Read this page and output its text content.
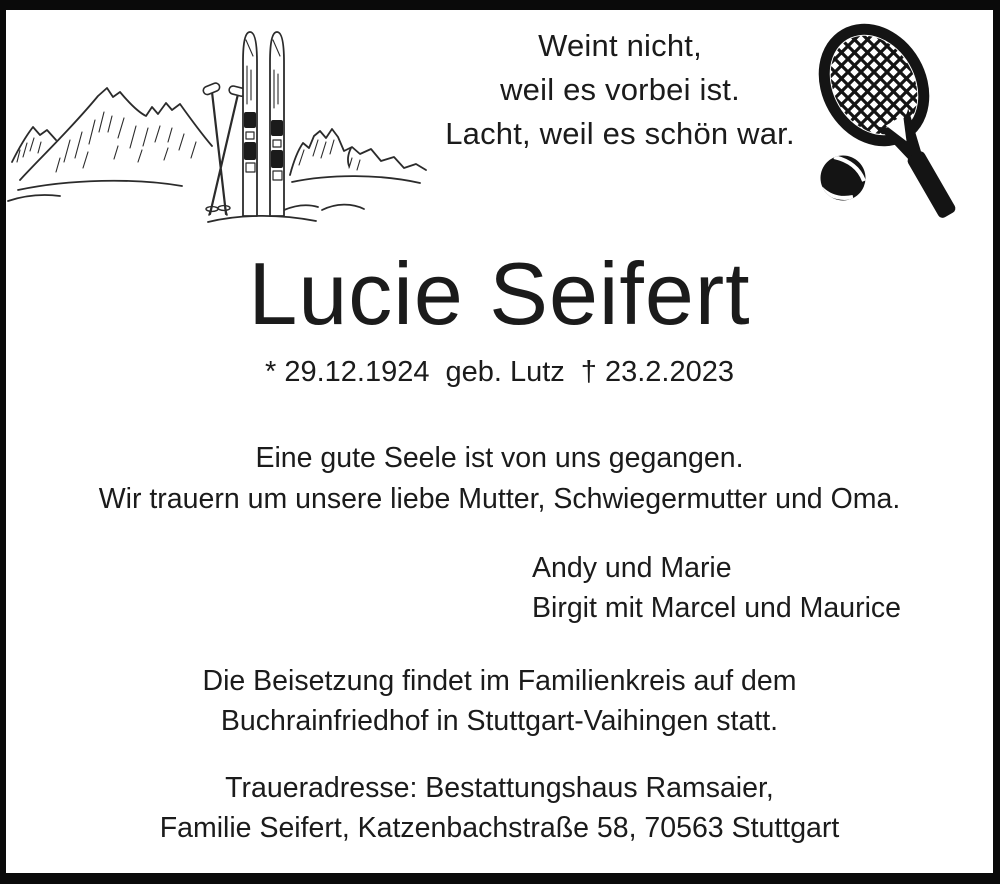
Weint nicht,
weil es vorbei ist.
Lacht, weil es schön war.
Lucie Seifert
* 29.12.1924 geb. Lutz † 23.2.2023
Eine gute Seele ist von uns gegangen.
Wir trauern um unsere liebe Mutter, Schwiegermutter und Oma.
Andy und Marie
Birgit mit Marcel und Maurice
Die Beisetzung findet im Familienkreis auf dem
Buchrainfriedhof in Stuttgart-Vaihingen statt.
Traueradresse: Bestattungshaus Ramsaier,
Familie Seifert, Katzenbachstraße 58, 70563 Stuttgart
